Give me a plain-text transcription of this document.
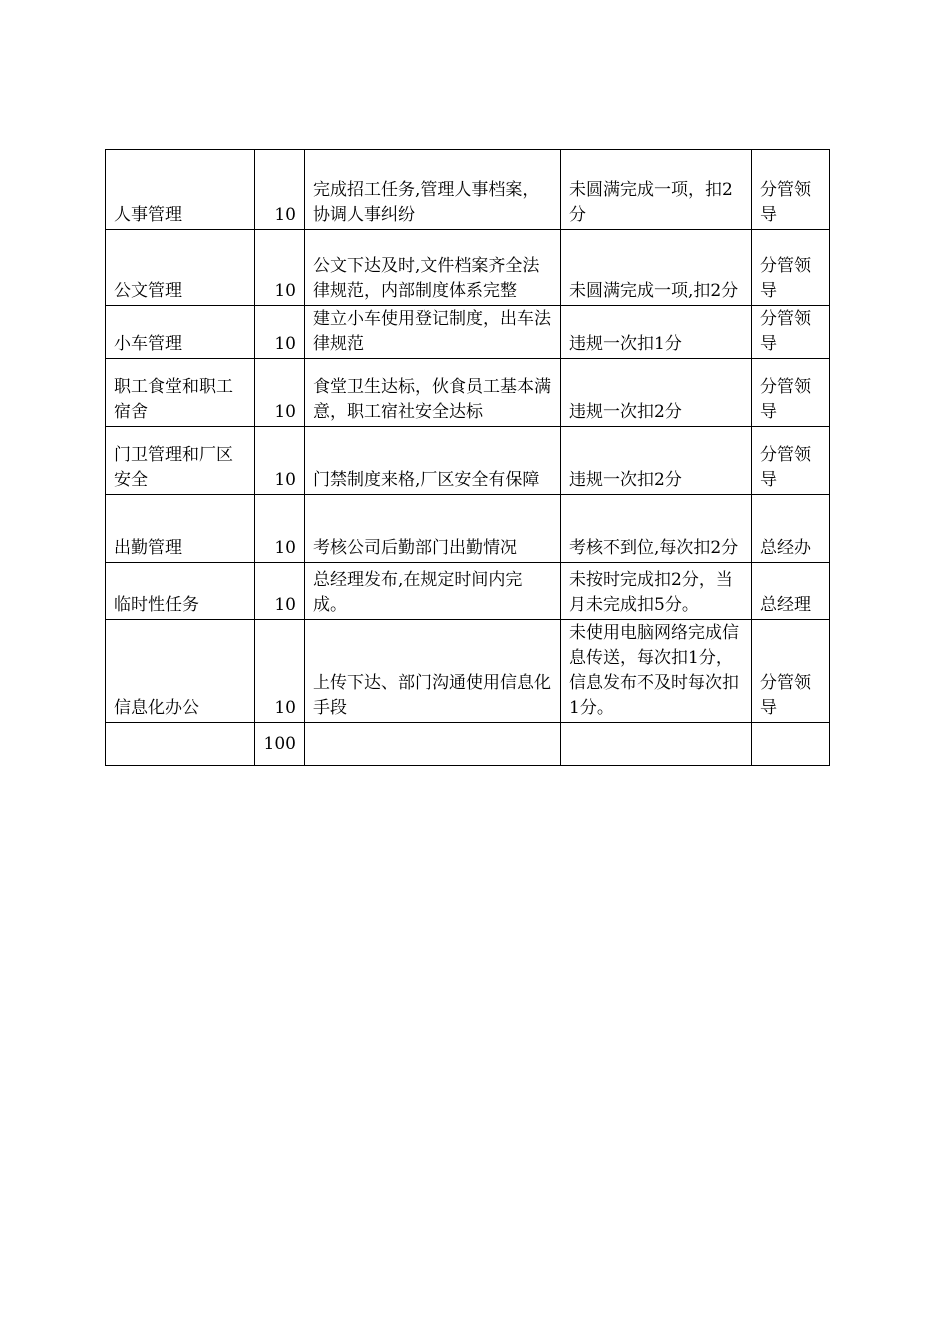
人事管理	10	完成招工任务,管理人事档案，协调人事纠纷	未圆满完成一项，扣2分	分管领导
公文管理	10	公文下达及时,文件档案齐全法律规范，内部制度体系完整	未圆满完成一项,扣2分	分管领导
小车管理	10	建立小车使用登记制度，出车法律规范	违规一次扣1分	分管领导
职工食堂和职工宿舍	10	食堂卫生达标，伙食员工基本满意，职工宿社安全达标	违规一次扣2分	分管领导
门卫管理和厂区安全	10	门禁制度来格,厂区安全有保障	违规一次扣2分	分管领导
出勤管理	10	考核公司后勤部门出勤情况	考核不到位,每次扣2分	总经办
临时性任务	10	总经理发布,在规定时间内完成。	未按时完成扣2分，当月未完成扣5分。	总经理
信息化办公	10	上传下达、部门沟通使用信息化手段	未使用电脑网络完成信息传送，每次扣1分，信息发布不及时每次扣1分。	分管领导
	100			
